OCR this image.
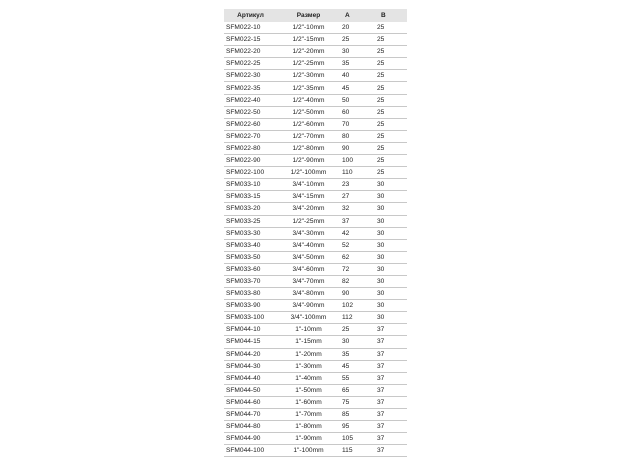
Артикул	Размер	A	B
SFM022-10	1/2"-10mm	20	25
SFM022-15	1/2"-15mm	25	25
SFM022-20	1/2"-20mm	30	25
SFM022-25	1/2"-25mm	35	25
SFM022-30	1/2"-30mm	40	25
SFM022-35	1/2"-35mm	45	25
SFM022-40	1/2"-40mm	50	25
SFM022-50	1/2"-50mm	60	25
SFM022-60	1/2"-60mm	70	25
SFM022-70	1/2"-70mm	80	25
SFM022-80	1/2"-80mm	90	25
SFM022-90	1/2"-90mm	100	25
SFM022-100	1/2"-100mm	110	25
SFM033-10	3/4"-10mm	23	30
SFM033-15	3/4"-15mm	27	30
SFM033-20	3/4"-20mm	32	30
SFM033-25	1/2"-25mm	37	30
SFM033-30	3/4"-30mm	42	30
SFM033-40	3/4"-40mm	52	30
SFM033-50	3/4"-50mm	62	30
SFM033-60	3/4"-60mm	72	30
SFM033-70	3/4"-70mm	82	30
SFM033-80	3/4"-80mm	90	30
SFM033-90	3/4"-90mm	102	30
SFM033-100	3/4"-100mm	112	30
SFM044-10	1"-10mm	25	37
SFM044-15	1"-15mm	30	37
SFM044-20	1"-20mm	35	37
SFM044-30	1"-30mm	45	37
SFM044-40	1"-40mm	55	37
SFM044-50	1"-50mm	65	37
SFM044-60	1"-60mm	75	37
SFM044-70	1"-70mm	85	37
SFM044-80	1"-80mm	95	37
SFM044-90	1"-90mm	105	37
SFM044-100	1"-100mm	115	37
